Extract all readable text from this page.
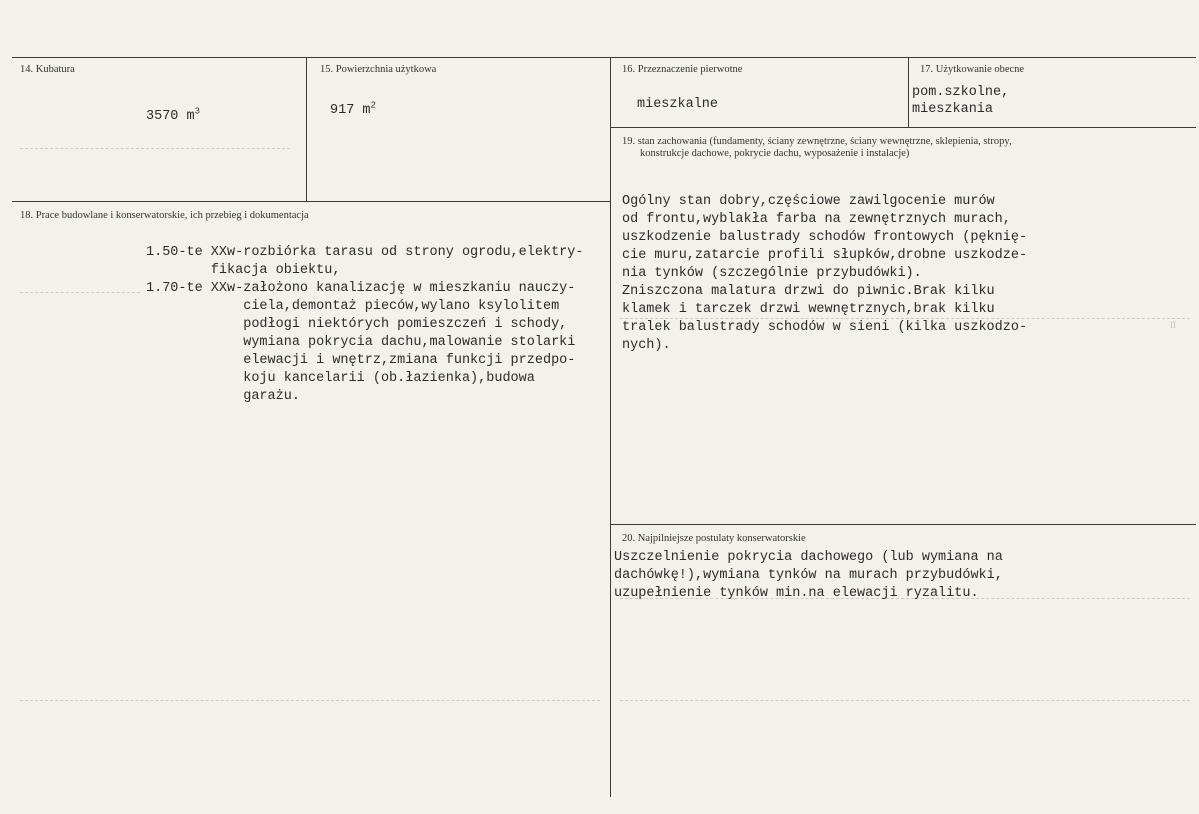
II
14. Kubatura
3570 $m^3$
15. Powierzchnia użytkowa
917 $m^2$
16. Przeznaczenie pierwotne
mieszkalne
17. Użytkowanie obecne
pom.szkolne,
mieszkania
18. Prace budowlane i konserwatorskie, ich przebieg i dokumentacja
1.50-te XXw-rozbiórka tarasu od strony ogrodu,elektry-
fikacja obiektu,
1.70-te XXw-założono kanalizację w mieszkaniu nauczy-
ciela,demontaż pieców,wylano ksylolitem
podłogi niektórych pomieszczeń i schody,
wymiana pokrycia dachu,malowanie stolarki
elewacji i wnętrz,zmiana funkcji przedpo-
koju kancelarii (ob.łazienka),budowa
garażu.
19. stan zachowania (fundamenty, ściany zewnętrzne, ściany wewnętrzne, sklepienia, stropy,
konstrukcje dachowe, pokrycie dachu, wyposażenie i instalacje)
Ogólny stan dobry,częściowe zawilgocenie murów
od frontu,wyblakła farba na zewnętrznych murach,
uszkodzenie balustrady schodów frontowych (pęknię-
cie muru,zatarcie profili słupków,drobne uszkodze-
nia tynków (szczególnie przybudówki).
Zniszczona malatura drzwi do piwnic.Brak kilku
klamek i tarczek drzwi wewnętrznych,brak kilku
tralek balustrady schodów w sieni (kilka uszkodzo-
nych).
20. Najpilniejsze postulaty konserwatorskie
Uszczelnienie pokrycia dachowego (lub wymiana na
dachówkę!),wymiana tynków na murach przybudówki,
uzupełnienie tynków min.na elewacji ryzalitu.
